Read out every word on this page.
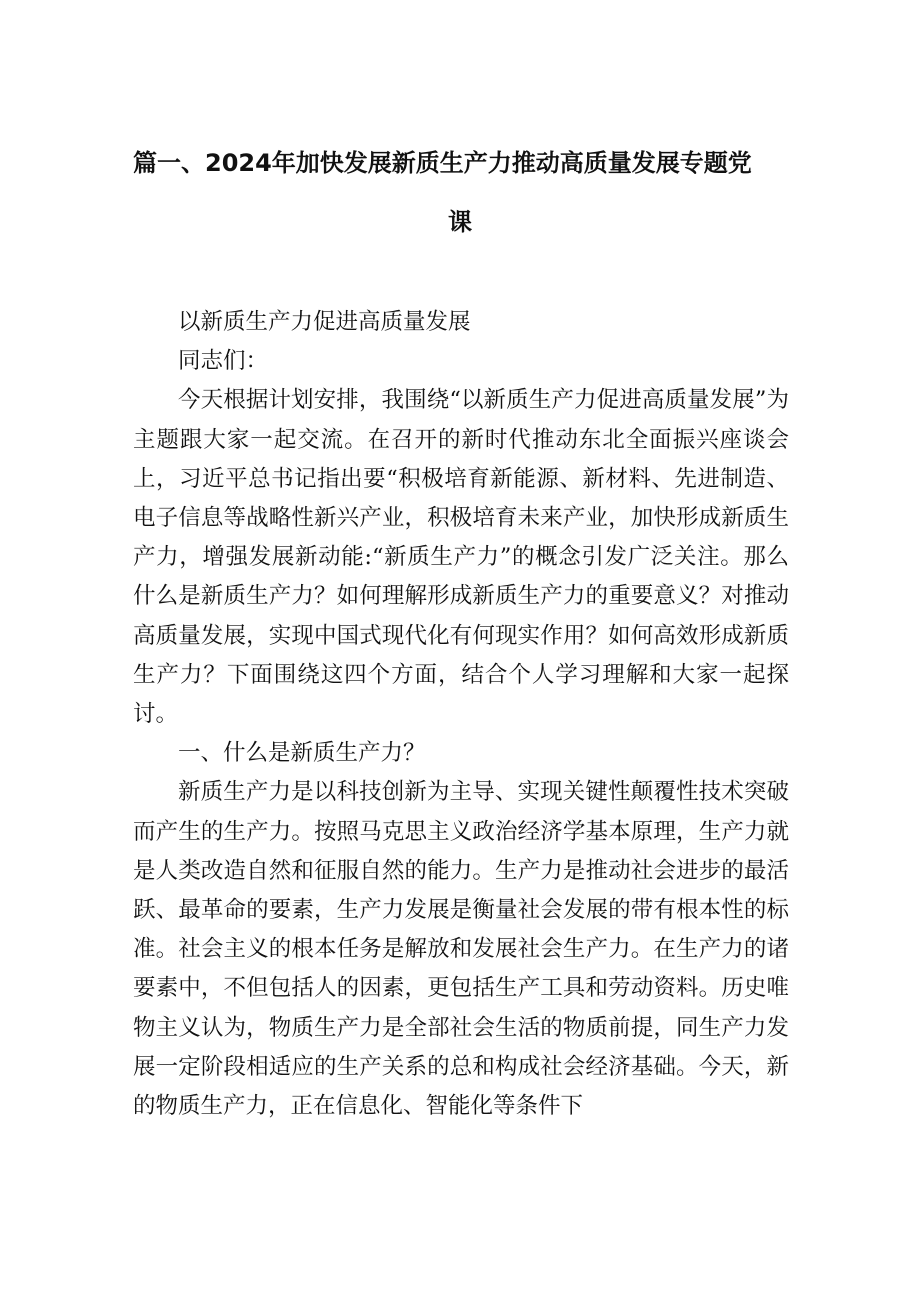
篇一、2024年加快发展新质生产力推动高质量发展专题党
课

以新质生产力促进高质量发展

同志们：

今天根据计划安排，我围绕“以新质生产力促进高质量发展”为主题跟大家一起交流。在召开的新时代推动东北全面振兴座谈会上，习近平总书记指出要“积极培育新能源、新材料、先进制造、电子信息等战略性新兴产业，积极培育未来产业，加快形成新质生产力，增强发展新动能:“新质生产力”的概念引发广泛关注。那么什么是新质生产力？如何理解形成新质生产力的重要意义？对推动高质量发展，实现中国式现代化有何现实作用？如何高效形成新质生产力？下面围绕这四个方面，结合个人学习理解和大家一起探讨。

一、什么是新质生产力？

新质生产力是以科技创新为主导、实现关键性颠覆性技术突破而产生的生产力。按照马克思主义政治经济学基本原理，生产力就是人类改造自然和征服自然的能力。生产力是推动社会进步的最活跃、最革命的要素，生产力发展是衡量社会发展的带有根本性的标准。社会主义的根本任务是解放和发展社会生产力。在生产力的诸要素中，不但包括人的因素，更包括生产工具和劳动资料。历史唯物主义认为，物质生产力是全部社会生活的物质前提，同生产力发展一定阶段相适应的生产关系的总和构成社会经济基础。今天，新的物质生产力，正在信息化、智能化等条件下
